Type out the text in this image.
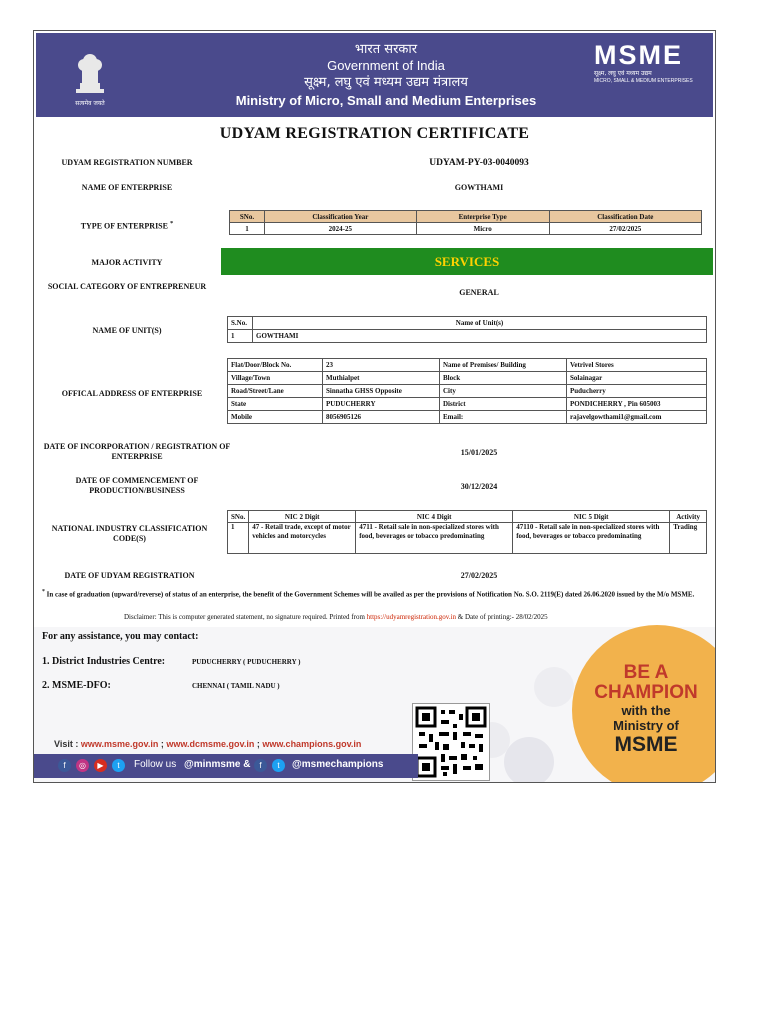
सत्यमेव जयते
भारत सरकार
Government of India
सूक्ष्म, लघु एवं मध्यम उद्यम मंत्रालय
Ministry of Micro, Small and Medium Enterprises
MSME
सूक्ष्म, लघु एवं मध्यम उद्यम
MICRO, SMALL & MEDIUM ENTERPRISES
UDYAM REGISTRATION CERTIFICATE
UDYAM REGISTRATION NUMBER	UDYAM-PY-03-0040093
NAME OF ENTERPRISE	GOWTHAMI
TYPE OF ENTERPRISE *
SNo.	Classification Year	Enterprise Type	Classification Date
1	2024-25	Micro	27/02/2025
MAJOR ACTIVITY	SERVICES
SOCIAL CATEGORY OF ENTREPRENEUR
GENERAL
NAME OF UNIT(S)
S.No.	Name of Unit(s)
1	GOWTHAMI
OFFICAL ADDRESS OF ENTERPRISE
Flat/Door/Block No.	23	Name of Premises/ Building	Vetrivel Stores
Village/Town	Muthialpet	Block	Solainagar
Road/Street/Lane	Sinnatha GHSS Opposite	City	Puducherry
State	PUDUCHERRY	District	PONDICHERRY , Pin 605003
Mobile	8056905126	Email:	rajavelgowthami1@gmail.com
DATE OF INCORPORATION / REGISTRATION OF ENTERPRISE	15/01/2025
DATE OF COMMENCEMENT OF PRODUCTION/BUSINESS	30/12/2024
NATIONAL INDUSTRY CLASSIFICATION CODE(S)
SNo.	NIC 2 Digit	NIC 4 Digit	NIC 5 Digit	Activity
1	47 - Retail trade, except of motor vehicles and motorcycles	4711 - Retail sale in non-specialized stores with food, beverages or tobacco predominating	47110 - Retail sale in non-specialized stores with food, beverages or tobacco predominating	Trading
DATE OF UDYAM REGISTRATION	27/02/2025
* In case of graduation (upward/reverse) of status of an enterprise, the benefit of the Government Schemes will be availed as per the provisions of Notification No. S.O. 2119(E) dated 26.06.2020 issued by the M/o MSME.
Disclaimer: This is computer generated statement, no signature required. Printed from https://udyamregistration.gov.in & Date of printing:- 28/02/2025
For any assistance, you may contact:
1. District Industries Centre:	PUDUCHERRY ( PUDUCHERRY )
2. MSME-DFO:	CHENNAI ( TAMIL NADU )
BE A
CHAMPION
with the
Ministry of
MSME
Visit : www.msme.gov.in ; www.dcmsme.gov.in ; www.champions.gov.in
f	◎	▶	t	Follow us @minmsme &	f	t	@msmechampions
